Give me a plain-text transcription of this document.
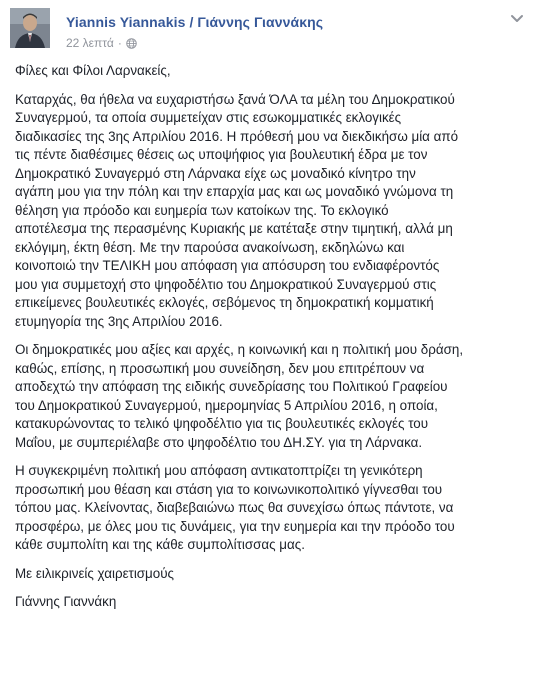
Yiannis Yiannakis / Γιάννης Γιαννάκης
22 λεπτά ·

Φίλες και Φίλοι Λαρνακείς,

Καταρχάς, θα ήθελα να ευχαριστήσω ξανά ΌΛΑ τα μέλη του Δημοκρατικού
Συναγερμού, τα οποία συμμετείχαν στις εσωκομματικές εκλογικές
διαδικασίες της 3ης Απριλίου 2016. Η πρόθεσή μου να διεκδικήσω μία από
τις πέντε διαθέσιμες θέσεις ως υποψήφιος για βουλευτική έδρα με τον
Δημοκρατικό Συναγερμό στη Λάρνακα είχε ως μοναδικό κίνητρο την
αγάπη μου για την πόλη και την επαρχία μας και ως μοναδικό γνώμονα τη
θέληση για πρόοδο και ευημερία των κατοίκων της. Το εκλογικό
αποτέλεσμα της περασμένης Κυριακής με κατέταξε στην τιμητική, αλλά μη
εκλόγιμη, έκτη θέση. Με την παρούσα ανακοίνωση, εκδηλώνω και
κοινοποιώ την ΤΕΛΙΚΗ μου απόφαση για απόσυρση του ενδιαφέροντός
μου για συμμετοχή στο ψηφοδέλτιο του Δημοκρατικού Συναγερμού στις
επικείμενες βουλευτικές εκλογές, σεβόμενος τη δημοκρατική κομματική
ετυμηγορία της 3ης Απριλίου 2016.

Οι δημοκρατικές μου αξίες και αρχές, η κοινωνική και η πολιτική μου δράση,
καθώς, επίσης, η προσωπική μου συνείδηση, δεν μου επιτρέπουν να
αποδεχτώ την απόφαση της ειδικής συνεδρίασης του Πολιτικού Γραφείου
του Δημοκρατικού Συναγερμού, ημερομηνίας 5 Απριλίου 2016, η οποία,
κατακυρώνοντας το τελικό ψηφοδέλτιο για τις βουλευτικές εκλογές του
Μαΐου, με συμπεριέλαβε στο ψηφοδέλτιο του ΔΗ.ΣΥ. για τη Λάρνακα.

Η συγκεκριμένη πολιτική μου απόφαση αντικατοπτρίζει τη γενικότερη
προσωπική μου θέαση και στάση για το κοινωνικοπολιτικό γίγνεσθαι του
τόπου μας. Κλείνοντας, διαβεβαιώνω πως θα συνεχίσω όπως πάντοτε, να
προσφέρω, με όλες μου τις δυνάμεις, για την ευημερία και την πρόοδο του
κάθε συμπολίτη και της κάθε συμπολίτισσας μας.

Με ειλικρινείς χαιρετισμούς

Γιάννης Γιαννάκη
